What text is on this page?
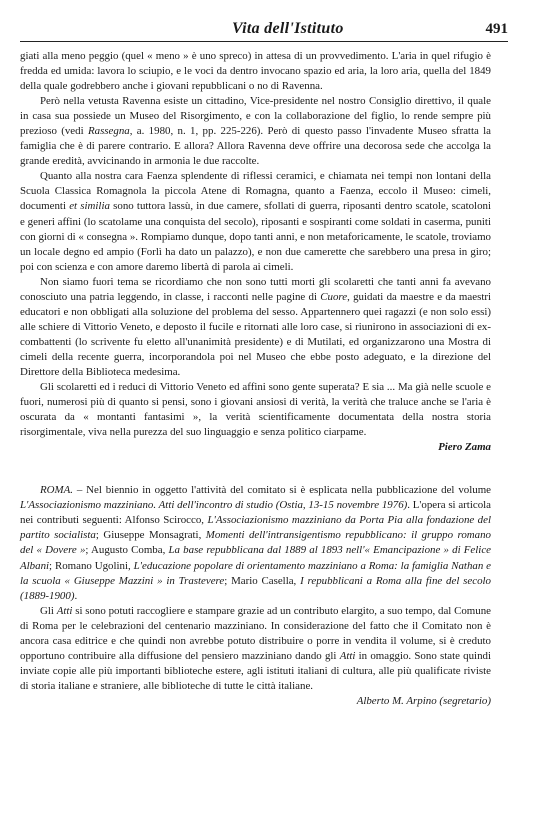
Vita dell'Istituto	491

giati alla meno peggio (quel « meno » è uno spreco) in attesa di un provvedimento. L'aria in quel rifugio è fredda ed umida: lavora lo sciupio, e le voci da dentro invocano spazio ed aria, la loro aria, quella del 1849 della quale godrebbero anche i giovani repubblicani o no di Ravenna.

Però nella vetusta Ravenna esiste un cittadino, Vice-presidente nel nostro Consiglio direttivo, il quale in casa sua possiede un Museo del Risorgimento, e con la collaborazione del figlio, lo rende sempre più prezioso (vedi Rassegna, a. 1980, n. 1, pp. 225-226). Però di questo passo l'invadente Museo sfratta la famiglia che è di parere contrario. E allora? Allora Ravenna deve offrire una decorosa sede che accolga la grande eredità, avvicinando in armonia le due raccolte.

Quanto alla nostra cara Faenza splendente di riflessi ceramici, e chiamata nei tempi non lontani della Scuola Classica Romagnola la piccola Atene di Romagna, quanto a Faenza, eccolo il Museo: cimeli, documenti et similia sono tuttora lassù, in due camere, sfollati di guerra, riposanti dentro scatole, scatoloni e generi affini (lo scatolame una conquista del secolo), riposanti e sospiranti come soldati in caserma, puniti con giorni di « consegna ». Rompiamo dunque, dopo tanti anni, e non metaforicamente, le scatole, troviamo un locale degno ed ampio (Forlì ha dato un palazzo), e non due camerette che sarebbero una presa in giro; poi con scienza e con amore daremo libertà di parola ai cimeli.

Non siamo fuori tema se ricordiamo che non sono tutti morti gli scolaretti che tanti anni fa avevano conosciuto una patria leggendo, in classe, i racconti nelle pagine di Cuore, guidati da maestre e da maestri educatori e non obbligati alla soluzione del problema del sesso. Appartennero quei ragazzi (e non solo essi) alle schiere di Vittorio Veneto, e deposto il fucile e ritornati alle loro case, si riunirono in associazioni di ex-combattenti (lo scrivente fu eletto all'unanimità presidente) e di Mutilati, ed organizzarono una Mostra di cimeli della recente guerra, incorporandola poi nel Museo che ebbe posto adeguato, e la direzione del Direttore della Biblioteca medesima.

Gli scolaretti ed i reduci di Vittorio Veneto ed affini sono gente superata? E sia ... Ma già nelle scuole e fuori, numerosi più di quanto si pensi, sono i giovani ansiosi di verità, la verità che traluce anche se l'aria è oscurata da « montanti fantasimi », la verità scientificamente documentata della nostra storia risorgimentale, viva nella purezza del suo linguaggio e senza politico ciarpame.

Piero Zama

ROMA. – Nel biennio in oggetto l'attività del comitato si è esplicata nella pubblicazione del volume L'Associazionismo mazziniano. Atti dell'incontro di studio (Ostia, 13-15 novembre 1976). L'opera si articola nei contributi seguenti: Alfonso Scirocco, L'Associazionismo mazziniano da Porta Pia alla fondazione del partito socialista; Giuseppe Monsagrati, Momenti dell'intransigentismo repubblicano: il gruppo romano del « Dovere »; Augusto Comba, La base repubblicana dal 1889 al 1893 nell'« Emancipazione » di Felice Albani; Romano Ugolini, L'educazione popolare di orientamento mazziniano a Roma: la famiglia Nathan e la scuola « Giuseppe Mazzini » in Trastevere; Mario Casella, I repubblicani a Roma alla fine del secolo (1889-1900).

Gli Atti si sono potuti raccogliere e stampare grazie ad un contributo elargito, a suo tempo, dal Comune di Roma per le celebrazioni del centenario mazziniano. In considerazione del fatto che il Comitato non è ancora casa editrice e che quindi non avrebbe potuto distribuire o porre in vendita il volume, si è creduto opportuno contribuire alla diffusione del pensiero mazziniano dando gli Atti in omaggio. Sono state quindi inviate copie alle più importanti biblioteche estere, agli istituti italiani di cultura, alle più qualificate riviste di storia italiane e straniere, alle biblioteche di tutte le città italiane.

Alberto M. Arpino (segretario)
